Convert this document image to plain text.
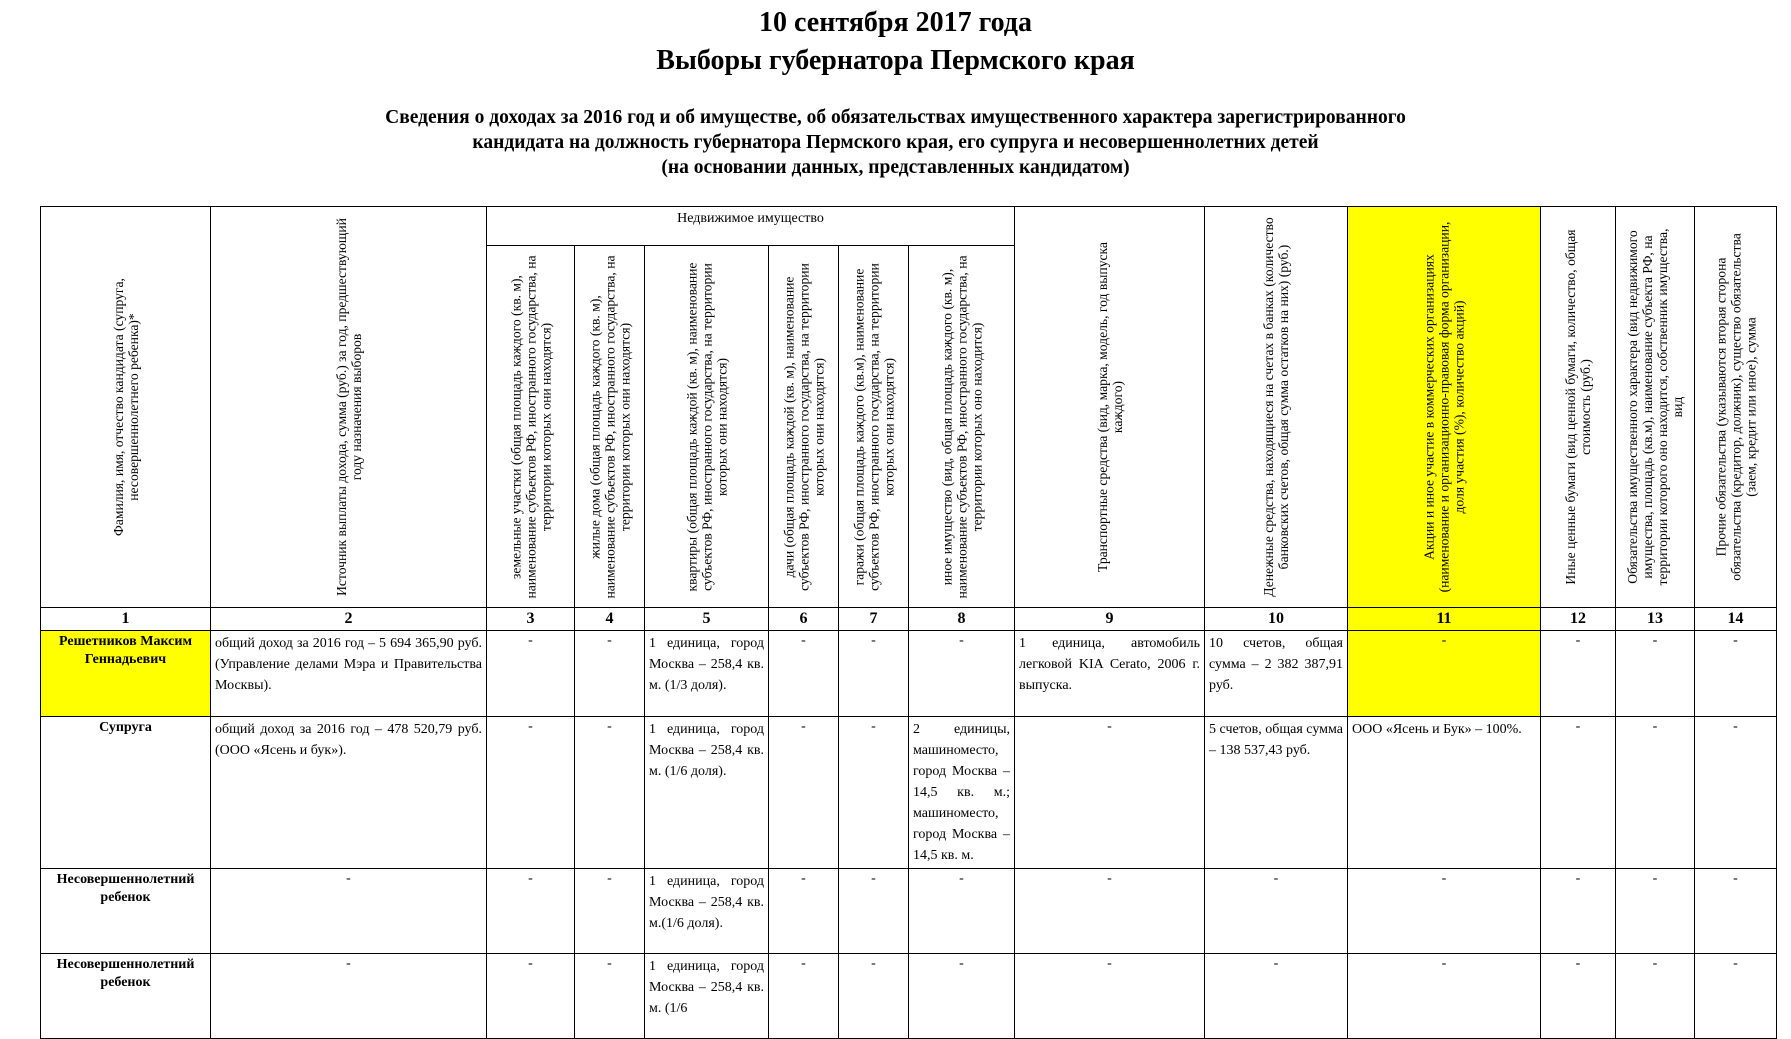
10 сентября 2017 года
Выборы губернатора Пермского края
Сведения о доходах за 2016 год и об имуществе, об обязательствах имущественного характера зарегистрированного
кандидата на должность губернатора Пермского края, его супруга и несовершеннолетних детей
(на основании данных, представленных кандидатом)
Фамилия, имя, отчество кандидата (супруга, несовершеннолетнего ребенка)*	Источник выплаты дохода, сумма (руб.) за год, предшествующий году назначения выборов	Недвижимое имущество						Транспортные средства (вид, марка, модель, год выпуска каждого)	Денежные средства, находящиеся на счетах в банках (количество банковских счетов, общая сумма остатков на них) (руб.)	Акции и иное участие в коммерческих организациях (наименование и организационно-правовая форма организации, доля участия (%), количество акций)	Иные ценные бумаги (вид ценной бумаги, количество, общая стоимость (руб.)	Обязательства имущественного характера (вид недвижимого имущества, площадь (кв.м), наименование субъекта РФ, на территории которого оно находится, собственник имущества, вид	Прочие обязательства (указываются вторая сторона обязательства (кредитор, должник), существо обязательства (заем, кредит или иное), сумма

		земельные участки (общая площадь каждого (кв. м), наименование субъектов РФ, иностранного государства, на территории которых они находятся)	жилые дома (общая площадь каждого (кв. м), наименование субъектов РФ, иностранного государства, на территории которых они находятся)	квартиры (общая площадь каждой (кв. м), наименование субъектов РФ, иностранного государства, на территории которых они находятся)	дачи (общая площадь каждой (кв. м), наименование субъектов РФ, иностранного государства, на территории которых они находятся)	гаражи (общая площадь каждого (кв.м), наименование субъектов РФ, иностранного государства, на территории которых они находятся)	иное имущество (вид, общая площадь каждого (кв. м), наименование субъектов РФ, иностранного государства, на территории которых оно находится)						

1	2	3	4	5	6	7	8	9	10	11	12	13	14
Решетников Максим Геннадьевич	общий доход за 2016 год – 5 694 365,90 руб. (Управление делами Мэра и Правительства Москвы).	-	-	1 единица, город Москва – 258,4 кв. м. (1/3 доля).	-	-	-	1 единица, автомобиль легковой KIA Cerato, 2006 г. выпуска.	10 счетов, общая сумма – 2 382 387,91 руб.	-	-	-	-
Супруга	общий доход за 2016 год – 478 520,79 руб. (ООО «Ясень и бук»).	-	-	1 единица, город Москва – 258,4 кв. м. (1/6 доля).	-	-	2 единицы, машиноместо, город Москва – 14,5 кв. м.; машиноместо, город Москва – 14,5 кв. м.	-	5 счетов, общая сумма – 138 537,43 руб.	ООО «Ясень и Бук» – 100%.	-	-	-
Несовершеннолетний ребенок	-	-	-	1 единица, город Москва – 258,4 кв. м.(1/6 доля).	-	-	-	-	-	-	-	-	-
Несовершеннолетний ребенок	-	-	-	1 единица, город Москва – 258,4 кв. м. (1/6	-	-	-	-	-	-	-	-	-
